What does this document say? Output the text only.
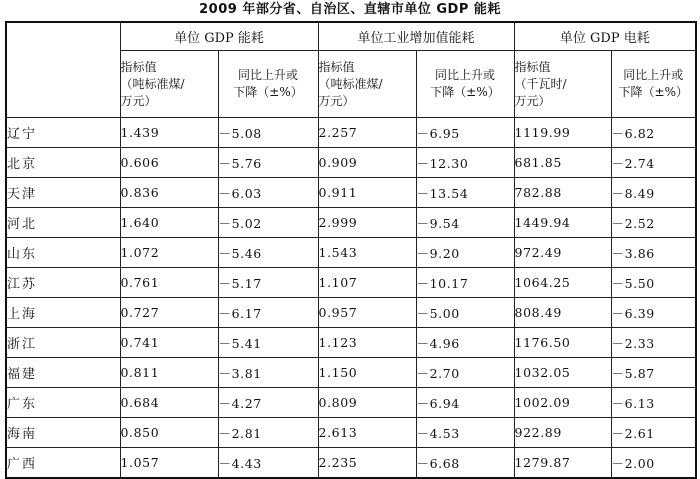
2009 年部分省、自治区、直辖市单位 GDP 能耗
	单位 GDP 能耗		单位工业增加值能耗		单位 GDP 电耗	

	指标值
（吨标准煤/
万元）	同比上升或
下降（±%）	指标值
（吨标准煤/
万元）	同比上升或
下降（±%）	指标值
（千瓦时/
万元）	同比上升或
下降（±%）

辽宁	1.439	－5.08	2.257	－6.95	1119.99	－6.82
北京	0.606	－5.76	0.909	－12.30	681.85	－2.74
天津	0.836	－6.03	0.911	－13.54	782.88	－8.49
河北	1.640	－5.02	2.999	－9.54	1449.94	－2.52
山东	1.072	－5.46	1.543	－9.20	972.49	－3.86
江苏	0.761	－5.17	1.107	－10.17	1064.25	－5.50
上海	0.727	－6.17	0.957	－5.00	808.49	－6.39
浙江	0.741	－5.41	1.123	－4.96	1176.50	－2.33
福建	0.811	－3.81	1.150	－2.70	1032.05	－5.87
广东	0.684	－4.27	0.809	－6.94	1002.09	－6.13
海南	0.850	－2.81	2.613	－4.53	922.89	－2.61
广西	1.057	－4.43	2.235	－6.68	1279.87	－2.00
